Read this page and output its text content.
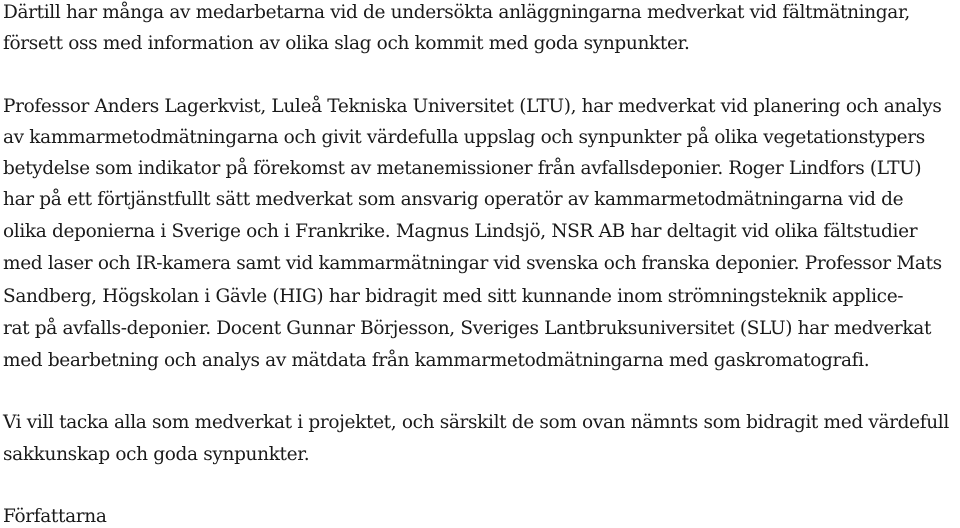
Därtill har många av medarbetarna vid de undersökta anläggningarna medverkat vid fältmätningar,
försett oss med information av olika slag och kommit med goda synpunkter.
Professor Anders Lagerkvist, Luleå Tekniska Universitet (LTU), har medverkat vid planering och analys
av kammarmetodmätningarna och givit värdefulla uppslag och synpunkter på olika vegetationstypers
betydelse som indikator på förekomst av metanemissioner från avfallsdeponier. Roger Lindfors (LTU)
har på ett förtjänstfullt sätt medverkat som ansvarig operatör av kammarmetodmätningarna vid de
olika deponierna i Sverige och i Frankrike. Magnus Lindsjö, NSR AB har deltagit vid olika fältstudier
med laser och IR-kamera samt vid kammarmätningar vid svenska och franska deponier. Professor Mats
Sandberg, Högskolan i Gävle (HIG) har bidragit med sitt kunnande inom strömningsteknik applice-
rat på avfalls-deponier. Docent Gunnar Börjesson, Sveriges Lantbruksuniversitet (SLU) har medverkat
med bearbetning och analys av mätdata från kammarmetodmätningarna med gaskromatografi.
Vi vill tacka alla som medverkat i projektet, och särskilt de som ovan nämnts som bidragit med värdefull
sakkunskap och goda synpunkter.
Författarna
